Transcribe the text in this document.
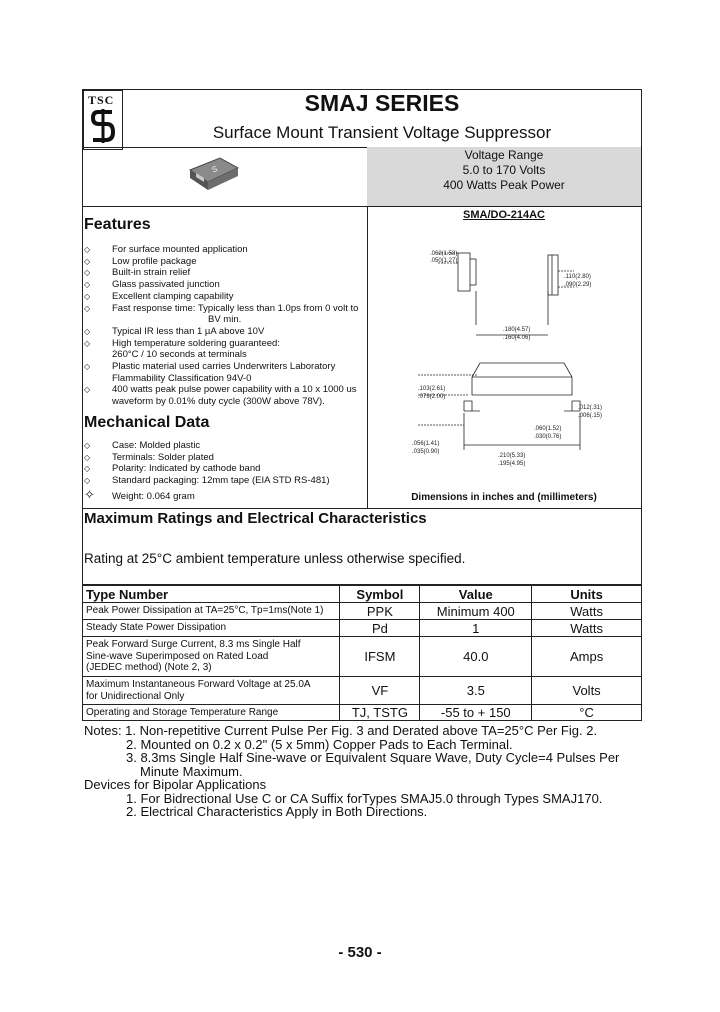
TSC	SMAJ SERIES
Surface Mount Transient Voltage Suppressor
S
Voltage Range
5.0 to 170 Volts
400 Watts Peak Power
Features
◇ For surface mounted application
◇ Low profile package
◇ Built-in strain relief
◇ Glass passivated junction
◇ Excellent clamping capability
◇ Fast response time: Typically less than 1.0ps from 0 volt to
BV min.
◇ Typical IR less than 1 µA above 10V
◇ High temperature soldering guaranteed:
260°C / 10 seconds at terminals
◇ Plastic material used carries Underwriters Laboratory
Flammability Classification 94V-0
◇ 400 watts peak pulse power capability with a 10 x 1000 us
waveform by 0.01% duty cycle (300W above 78V).
Mechanical Data
◇ Case: Molded plastic
◇ Terminals: Solder plated
◇ Polarity: Indicated by cathode band
◇ Standard packaging: 12mm tape (EIA STD RS-481)
✧ Weight: 0.064 gram
SMA/DO-214AC
.062(1.58)
.050(1.27)
.110(2.80)
.090(2.29)
.180(4.57)
.160(4.06)
.103(2.61)
.079(2.00)
.012(.31)
.006(.15)
.060(1.52)
.030(0.76)
.056(1.41)
.035(0.90)
.210(5.33)
.195(4.95)
Dimensions in inches and (millimeters)
Maximum Ratings and Electrical Characteristics
Rating at 25°C ambient temperature unless otherwise specified.
Type Number	Symbol	Value	Units
Peak Power Dissipation at TA=25°C, Tp=1ms(Note 1)	PPK	Minimum 400	Watts
Steady State Power Dissipation	Pd	1	Watts

Peak Forward Surge Current, 8.3 ms Single Half
Sine-wave Superimposed on Rated Load
(JEDEC method) (Note 2, 3)	IFSM	40.0	Amps

Maximum Instantaneous Forward Voltage at 25.0A
for Unidirectional Only	VF	3.5	Volts
Operating and Storage Temperature Range	TJ, TSTG	-55 to + 150	°C
Notes: 1. Non-repetitive Current Pulse Per Fig. 3 and Derated above TA=25°C Per Fig. 2.
2. Mounted on 0.2 x 0.2" (5 x 5mm) Copper Pads to Each Terminal.
3. 8.3ms Single Half Sine-wave or Equivalent Square Wave, Duty Cycle=4 Pulses Per
Minute Maximum.
Devices for Bipolar Applications
1. For Bidrectional Use C or CA Suffix forTypes SMAJ5.0 through Types SMAJ170.
2. Electrical Characteristics Apply in Both Directions.
- 530 -
